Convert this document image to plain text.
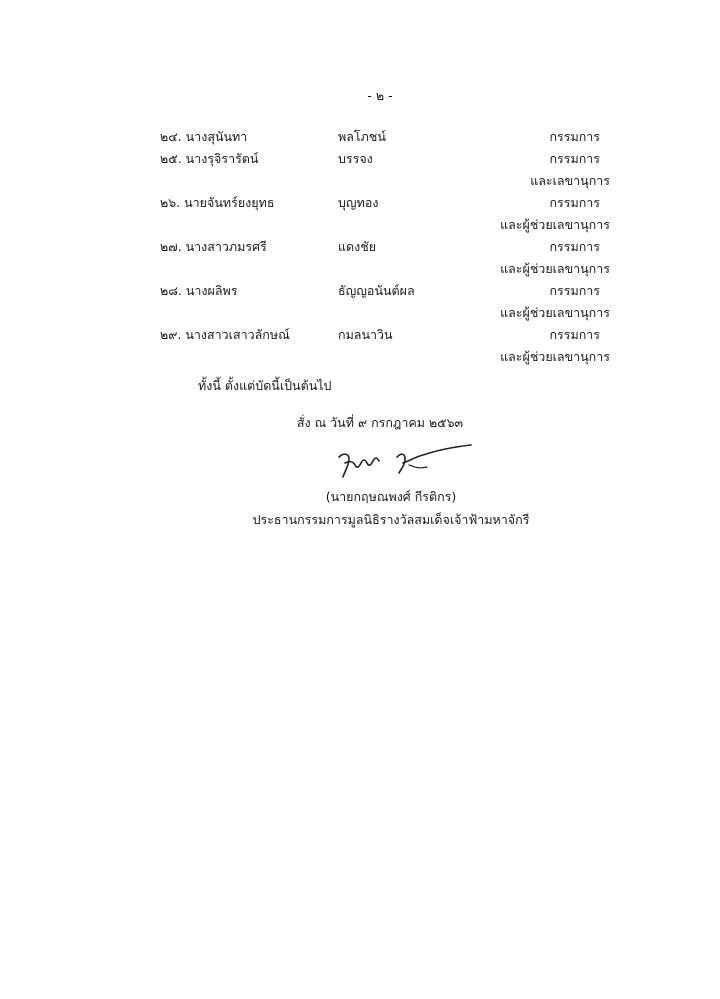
- ๒ -
๒๔. นางสุนันทา	พลโภชน์	กรรมการ
๒๕. นางรุจิรารัตน์	บรรจง	กรรมการ
และเลขานุการ
๒๖. นายจันทร์ยงยุทธ	บุญทอง	กรรมการ
และผู้ช่วยเลขานุการ
๒๗. นางสาวภมรศรี	แดงชัย	กรรมการ
และผู้ช่วยเลขานุการ
๒๘. นางผลิพร	ธัญญอนันต์ผล	กรรมการ
และผู้ช่วยเลขานุการ
๒๙. นางสาวเสาวลักษณ์	กมลนาวิน	กรรมการ
และผู้ช่วยเลขานุการ
ทั้งนี้ ตั้งแต่บัดนี้เป็นต้นไป
สั่ง ณ วันที่ ๙ กรกฎาคม ๒๕๖๓
(นายกฤษณพงศ์ กีรติกร)
ประธานกรรมการมูลนิธิรางวัลสมเด็จเจ้าฟ้ามหาจักรี
